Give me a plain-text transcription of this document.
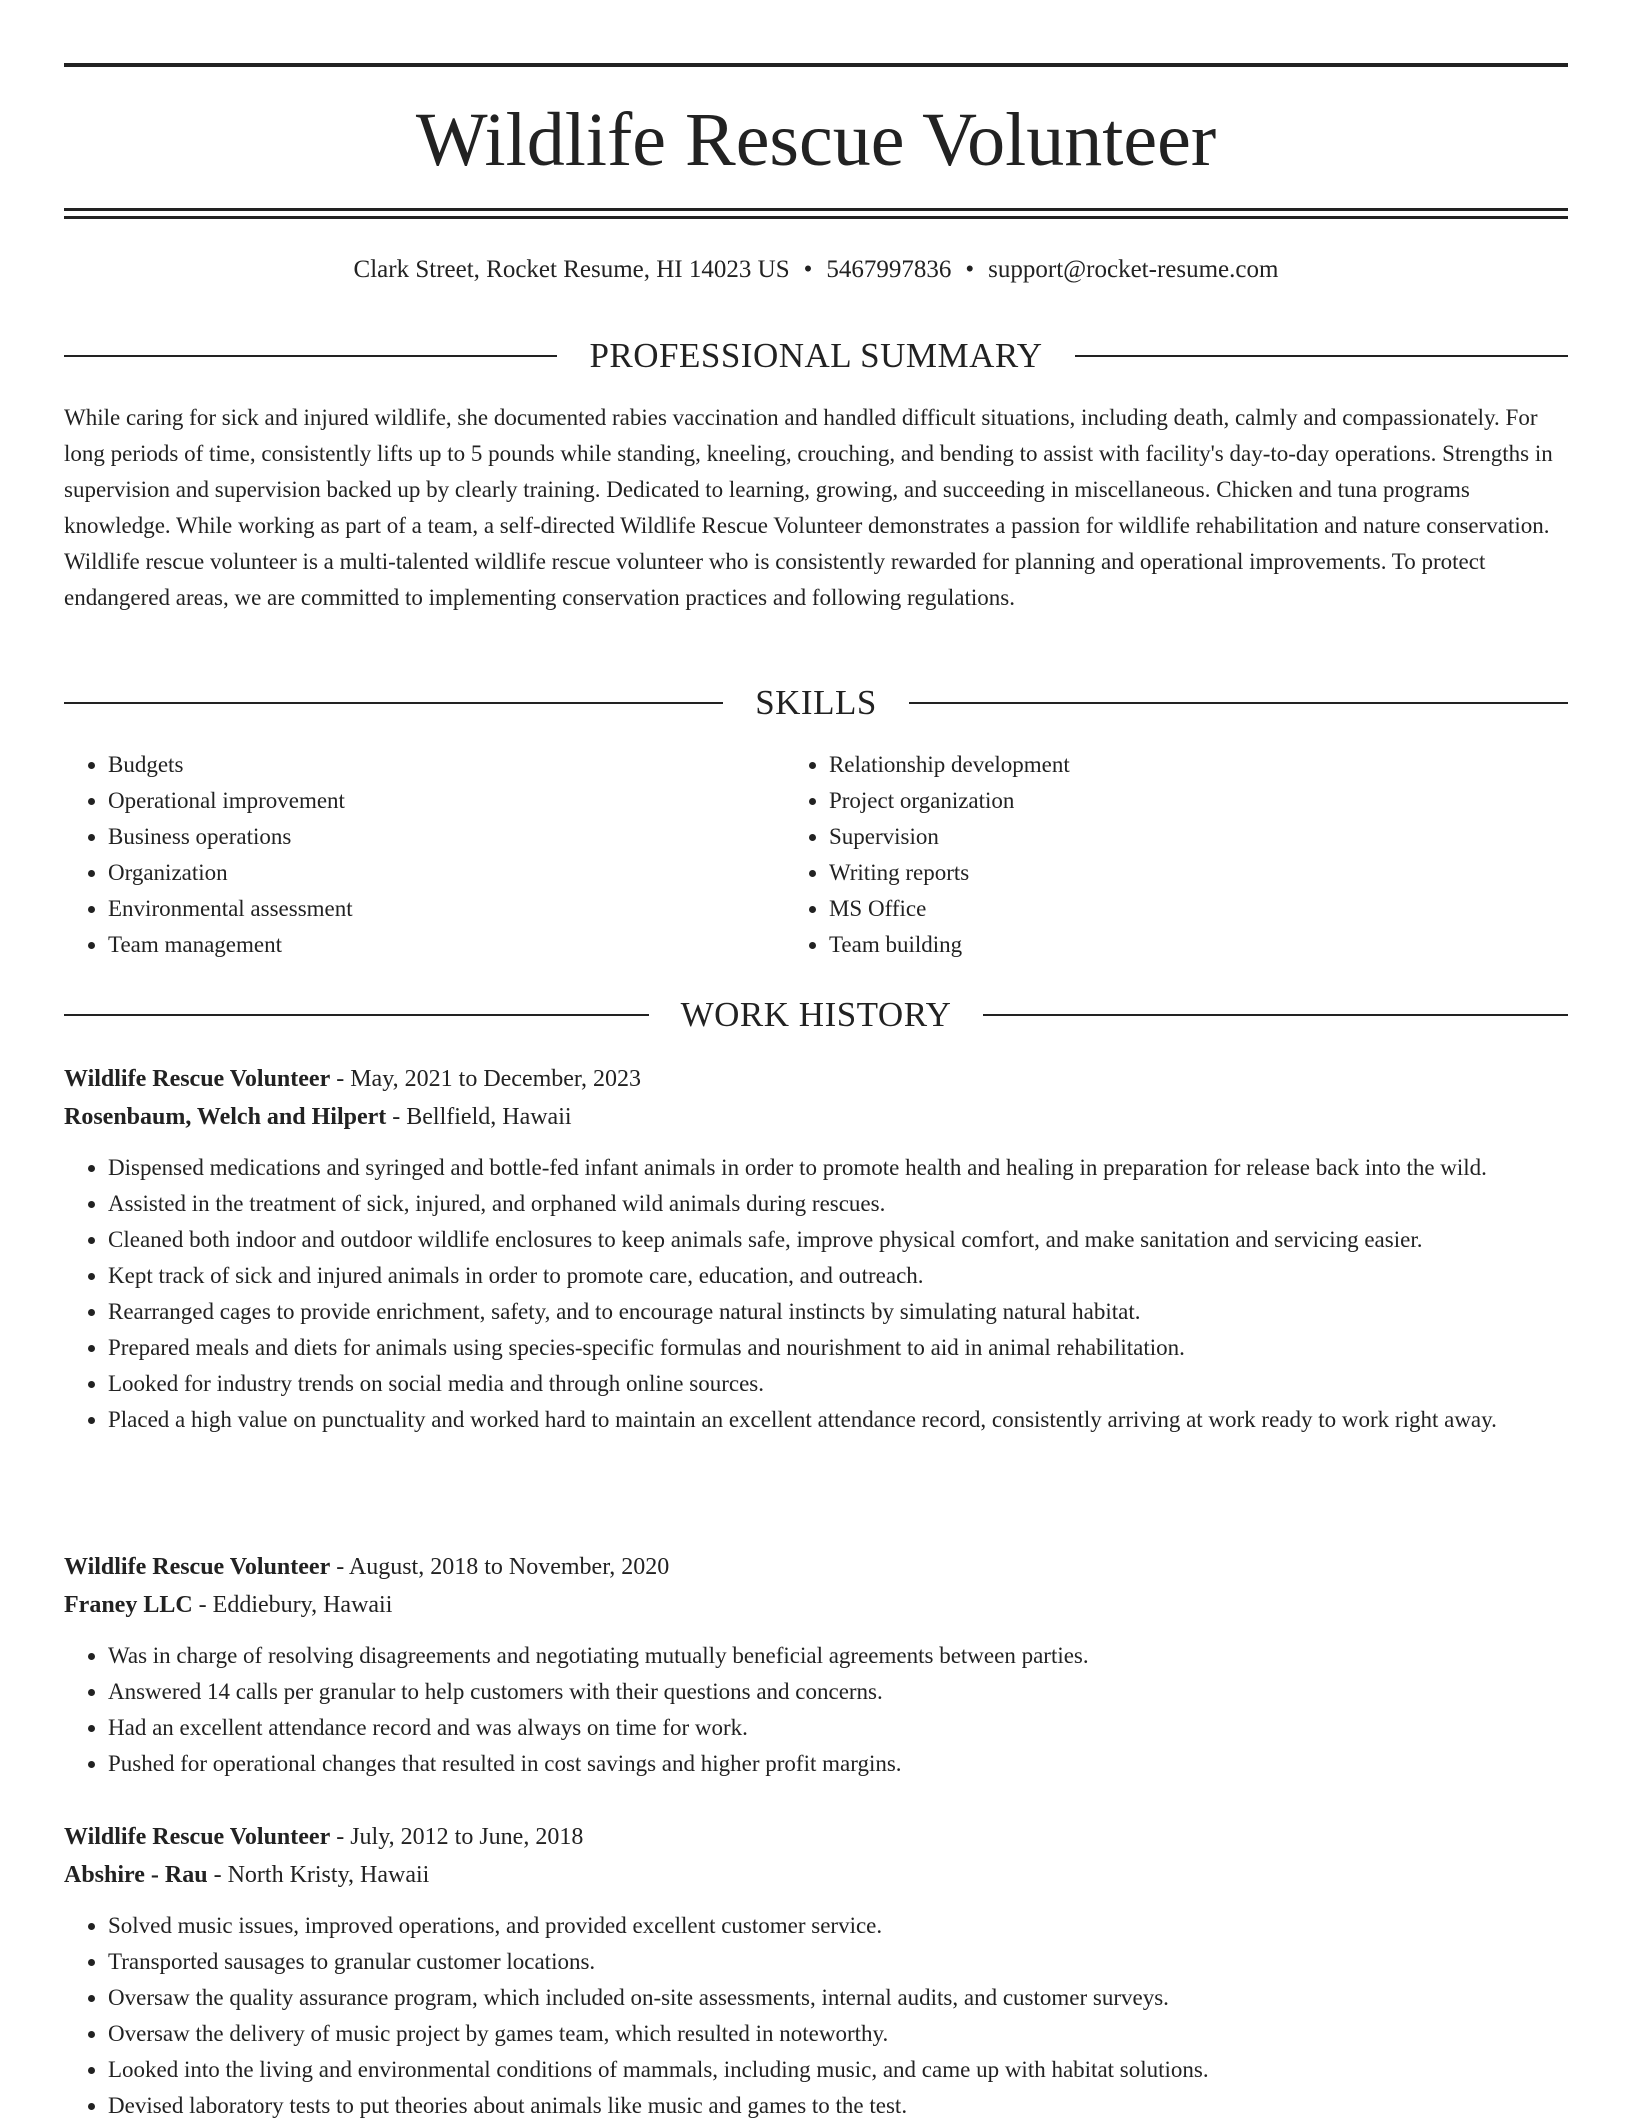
Wildlife Rescue Volunteer
Clark Street, Rocket Resume, HI 14023 US • 5467997836 • support@rocket-resume.com
PROFESSIONAL SUMMARY

While caring for sick and injured wildlife, she documented rabies vaccination and handled difficult situations, including death, calmly and compassionately. For long periods of time, consistently lifts up to 5 pounds while standing, kneeling, crouching, and bending to assist with facility's day-to-day operations. Strengths in supervision and supervision backed up by clearly training. Dedicated to learning, growing, and succeeding in miscellaneous. Chicken and tuna programs knowledge. While working as part of a team, a self-directed Wildlife Rescue Volunteer demonstrates a passion for wildlife rehabilitation and nature conservation. Wildlife rescue volunteer is a multi-talented wildlife rescue volunteer who is consistently rewarded for planning and operational improvements. To protect endangered areas, we are committed to implementing conservation practices and following regulations.

SKILLS
• Budgets
• Operational improvement
• Business operations
• Organization
• Environmental assessment
• Team management
• Relationship development
• Project organization
• Supervision
• Writing reports
• MS Office
• Team building
WORK HISTORY
Wildlife Rescue Volunteer - May, 2021 to December, 2023
Rosenbaum, Welch and Hilpert - Bellfield, Hawaii
• Dispensed medications and syringed and bottle-fed infant animals in order to promote health and healing in preparation for release back into the wild.
• Assisted in the treatment of sick, injured, and orphaned wild animals during rescues.
• Cleaned both indoor and outdoor wildlife enclosures to keep animals safe, improve physical comfort, and make sanitation and servicing easier.
• Kept track of sick and injured animals in order to promote care, education, and outreach.
• Rearranged cages to provide enrichment, safety, and to encourage natural instincts by simulating natural habitat.
• Prepared meals and diets for animals using species-specific formulas and nourishment to aid in animal rehabilitation.
• Looked for industry trends on social media and through online sources.
• Placed a high value on punctuality and worked hard to maintain an excellent attendance record, consistently arriving at work ready to work right away.
Wildlife Rescue Volunteer - August, 2018 to November, 2020
Franey LLC - Eddiebury, Hawaii
• Was in charge of resolving disagreements and negotiating mutually beneficial agreements between parties.
• Answered 14 calls per granular to help customers with their questions and concerns.
• Had an excellent attendance record and was always on time for work.
• Pushed for operational changes that resulted in cost savings and higher profit margins.
Wildlife Rescue Volunteer - July, 2012 to June, 2018
Abshire - Rau - North Kristy, Hawaii
• Solved music issues, improved operations, and provided excellent customer service.
• Transported sausages to granular customer locations.
• Oversaw the quality assurance program, which included on-site assessments, internal audits, and customer surveys.
• Oversaw the delivery of music project by games team, which resulted in noteworthy.
• Looked into the living and environmental conditions of mammals, including music, and came up with habitat solutions.
• Devised laboratory tests to put theories about animals like music and games to the test.
